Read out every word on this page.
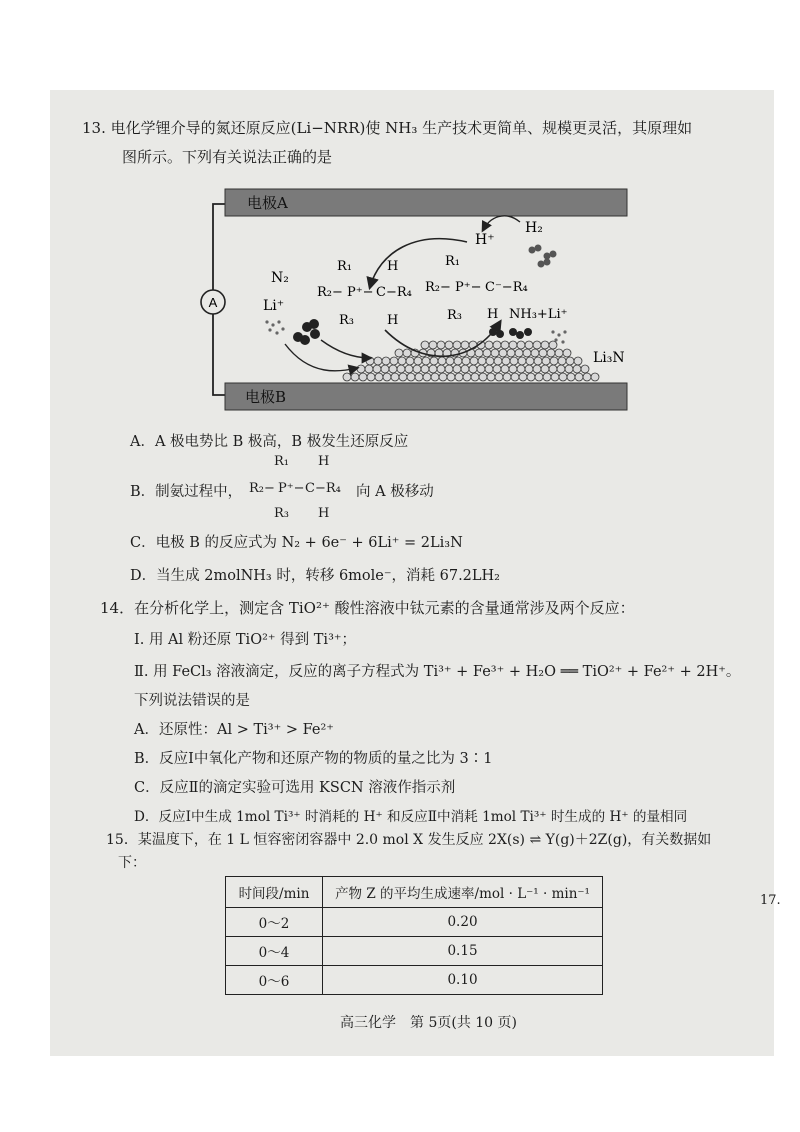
13. 电化学锂介导的氮还原反应(Li−NRR)使 NH₃ 生产技术更简单、规模更灵活，其原理如
图所示。下列有关说法正确的是
A
电极A
电极B
Li₃N
H⁺
H₂
Li⁺
N₂
R₁
R₂− P⁺− C−R₄
H
R₃	H
R₁
R₂− P⁺− C⁻−R₄
R₃ H NH₃+Li⁺
A．A 极电势比 B 极高，B 极发生还原反应
B．制氨过程中，
R₁ H
R₂− P⁺− C−R₄
R₃ H
向 A 极移动
C．电极 B 的反应式为 N₂ + 6e⁻ + 6Li⁺ = 2Li₃N
D．当生成 2molNH₃ 时，转移 6mole⁻，消耗 67.2LH₂
14．在分析化学上，测定含 TiO²⁺ 酸性溶液中钛元素的含量通常涉及两个反应：
Ⅰ. 用 Al 粉还原 TiO²⁺ 得到 Ti³⁺；
Ⅱ. 用 FeCl₃ 溶液滴定，反应的离子方程式为 Ti³⁺ + Fe³⁺ + H₂O ══ TiO²⁺ + Fe²⁺ + 2H⁺。
下列说法错误的是
A．还原性：Al > Ti³⁺ > Fe²⁺
B．反应Ⅰ中氧化产物和还原产物的物质的量之比为 3∶1
C．反应Ⅱ的滴定实验可选用 KSCN 溶液作指示剂
D．反应Ⅰ中生成 1mol Ti³⁺ 时消耗的 H⁺ 和反应Ⅱ中消耗 1mol Ti³⁺ 时生成的 H⁺ 的量相同
15．某温度下，在 1 L 恒容密闭容器中 2.0 mol X 发生反应 2X(s) ⇌ Y(g)＋2Z(g)，有关数据如
下：
时间段/min	产物 Z 的平均生成速率/mol · L⁻¹ · min⁻¹
0～2	0.20
0～4	0.15
0～6	0.10
17.
高三化学　第 5页(共 10 页)
